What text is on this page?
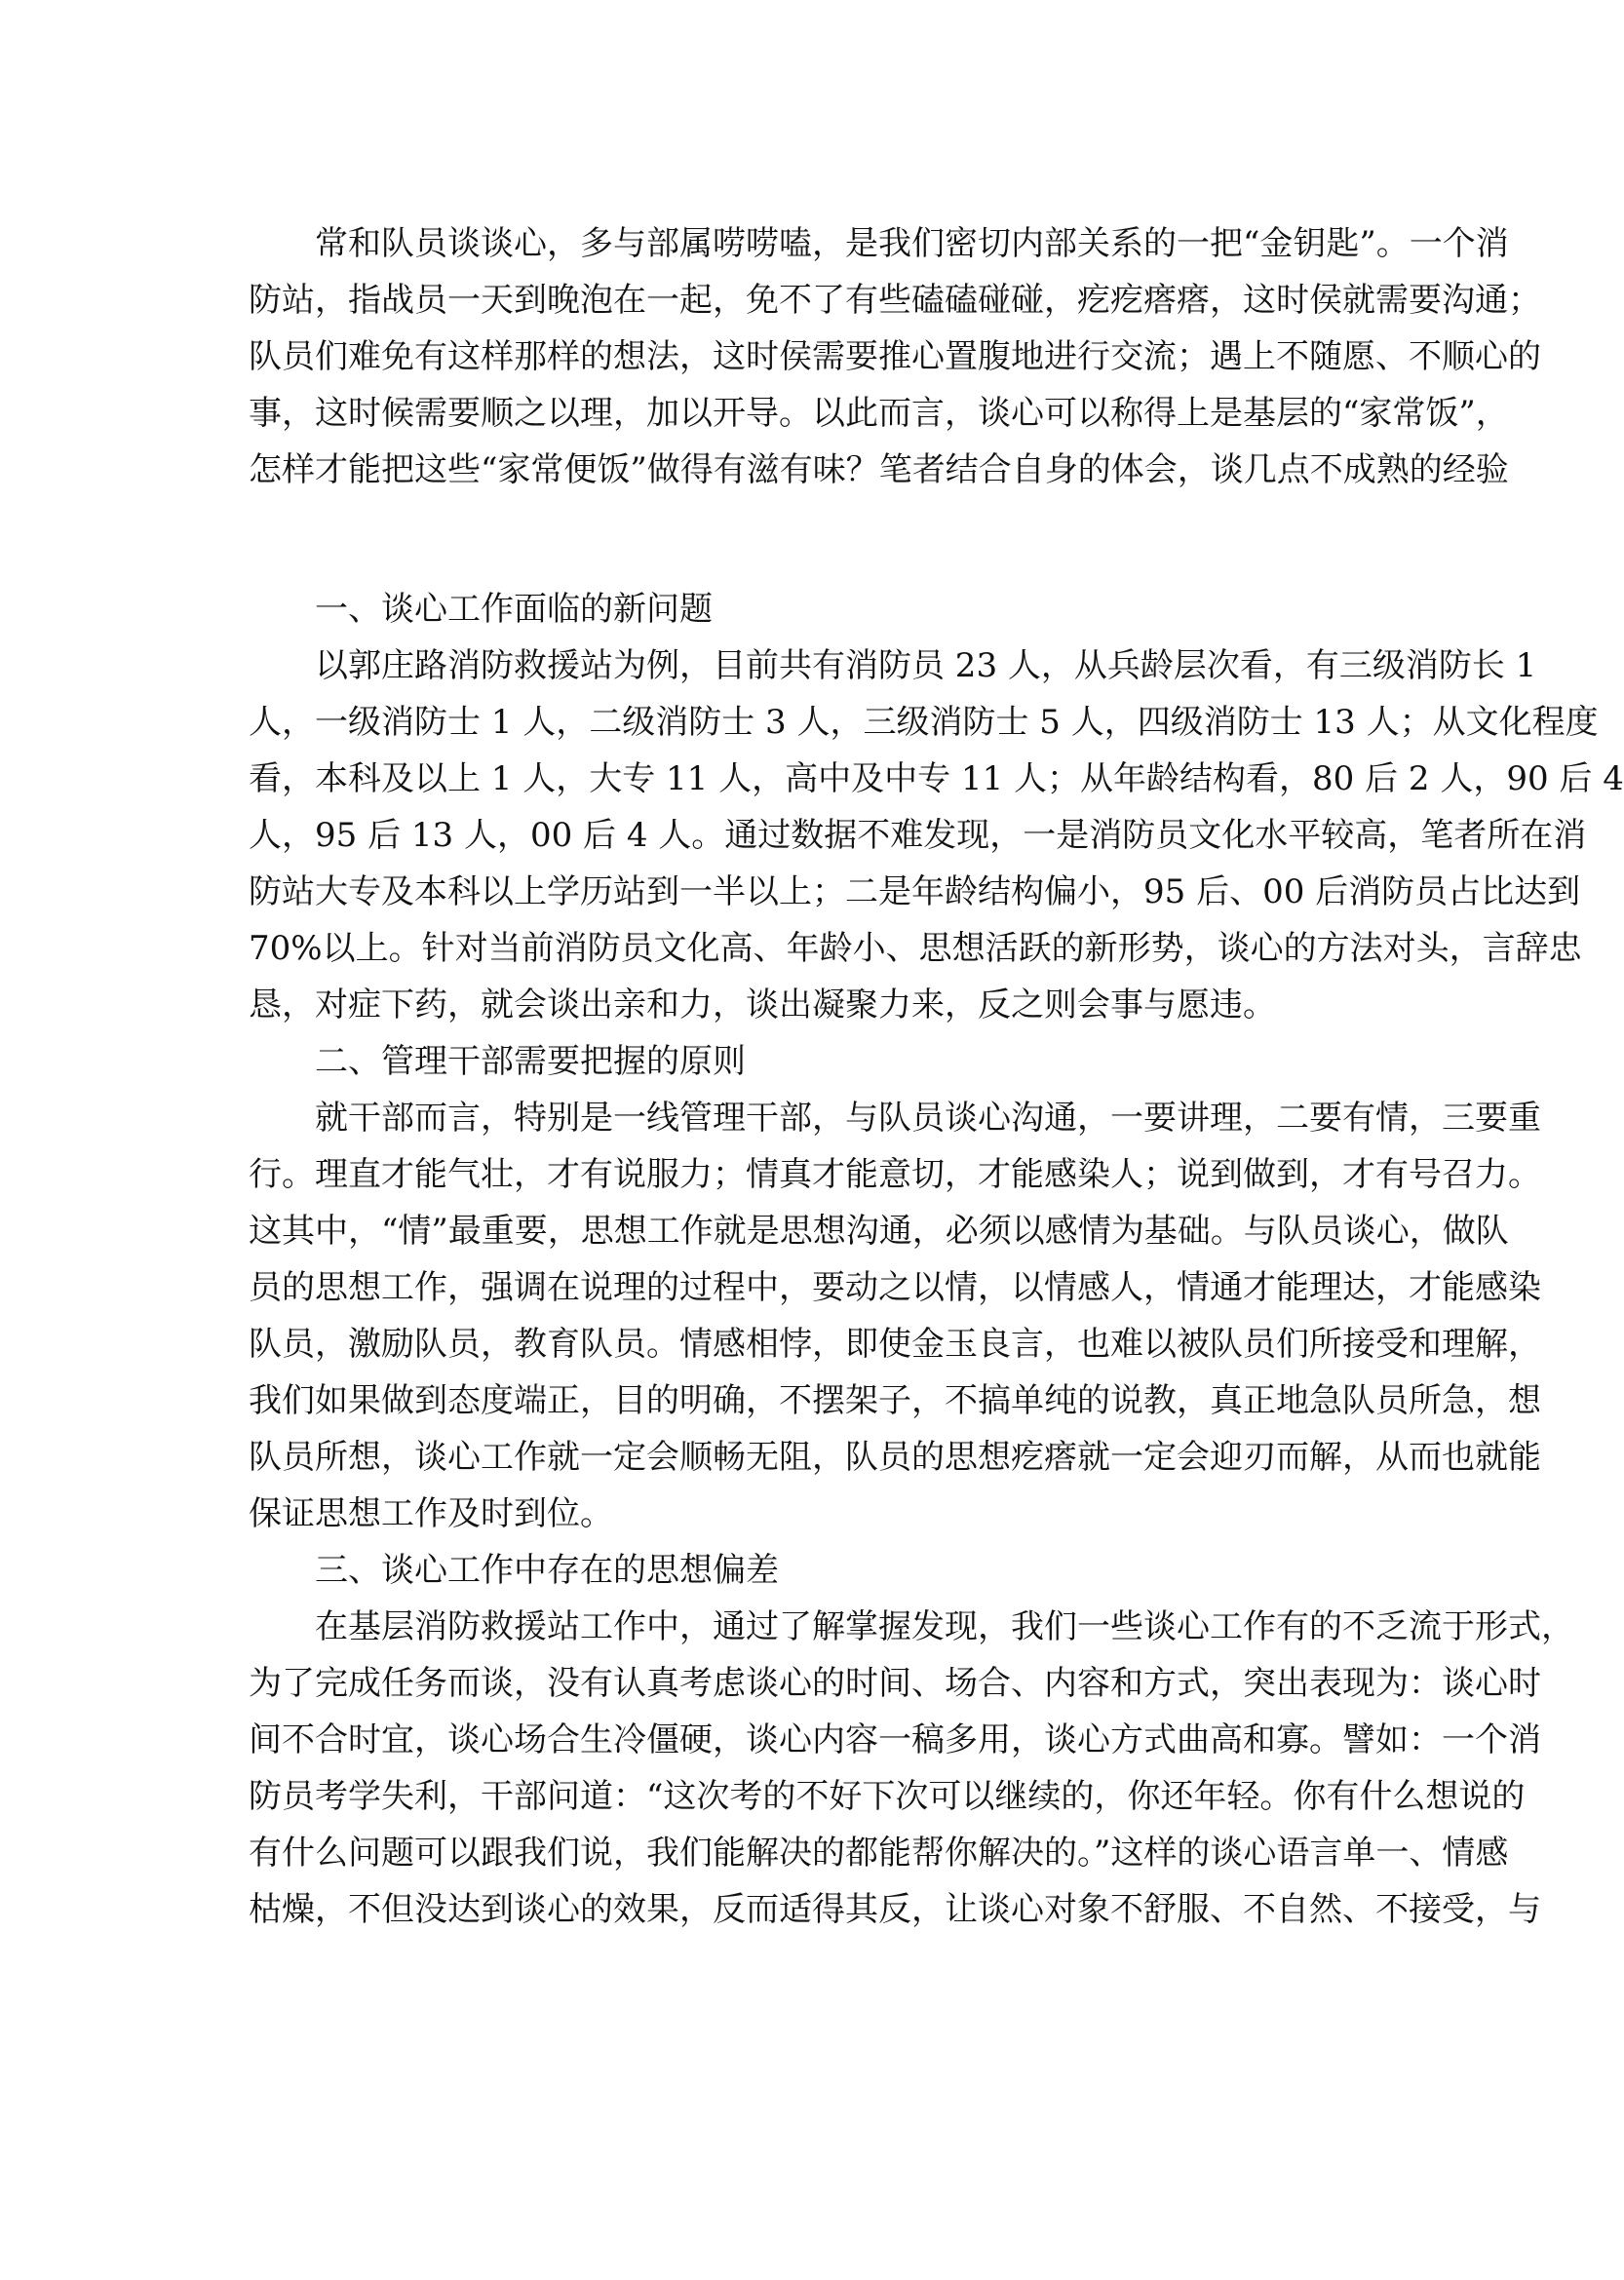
常和队员谈谈心，多与部属唠唠嗑，是我们密切内部关系的一把“金钥匙”。一个消
防站，指战员一天到晚泡在一起，免不了有些磕磕碰碰，疙疙瘩瘩，这时侯就需要沟通；
队员们难免有这样那样的想法，这时侯需要推心置腹地进行交流；遇上不随愿、不顺心的
事，这时候需要顺之以理，加以开导。以此而言，谈心可以称得上是基层的“家常饭”，
怎样才能把这些“家常便饭”做得有滋有味？笔者结合自身的体会，谈几点不成熟的经验
一、谈心工作面临的新问题
以郭庄路消防救援站为例，目前共有消防员 23 人，从兵龄层次看，有三级消防长 1
人，一级消防士 1 人，二级消防士 3 人，三级消防士 5 人，四级消防士 13 人；从文化程度
看，本科及以上 1 人，大专 11 人，高中及中专 11 人；从年龄结构看，80 后 2 人，90 后 4
人，95 后 13 人，00 后 4 人。通过数据不难发现，一是消防员文化水平较高，笔者所在消
防站大专及本科以上学历站到一半以上；二是年龄结构偏小，95 后、00 后消防员占比达到
70%以上。针对当前消防员文化高、年龄小、思想活跃的新形势，谈心的方法对头，言辞忠
恳，对症下药，就会谈出亲和力，谈出凝聚力来，反之则会事与愿违。
二、管理干部需要把握的原则
就干部而言，特别是一线管理干部，与队员谈心沟通，一要讲理，二要有情，三要重
行。理直才能气壮，才有说服力；情真才能意切，才能感染人；说到做到，才有号召力。
这其中，“情”最重要，思想工作就是思想沟通，必须以感情为基础。与队员谈心，做队
员的思想工作，强调在说理的过程中，要动之以情，以情感人，情通才能理达，才能感染
队员，激励队员，教育队员。情感相悖，即使金玉良言，也难以被队员们所接受和理解，
我们如果做到态度端正，目的明确，不摆架子，不搞单纯的说教，真正地急队员所急，想
队员所想，谈心工作就一定会顺畅无阻，队员的思想疙瘩就一定会迎刃而解，从而也就能
保证思想工作及时到位。
三、谈心工作中存在的思想偏差
在基层消防救援站工作中，通过了解掌握发现，我们一些谈心工作有的不乏流于形式，
为了完成任务而谈，没有认真考虑谈心的时间、场合、内容和方式，突出表现为：谈心时
间不合时宜，谈心场合生冷僵硬，谈心内容一稿多用，谈心方式曲高和寡。譬如：一个消
防员考学失利，干部问道：“这次考的不好下次可以继续的，你还年轻。你有什么想说的
有什么问题可以跟我们说，我们能解决的都能帮你解决的。”这样的谈心语言单一、情感
枯燥，不但没达到谈心的效果，反而适得其反，让谈心对象不舒服、不自然、不接受，与
